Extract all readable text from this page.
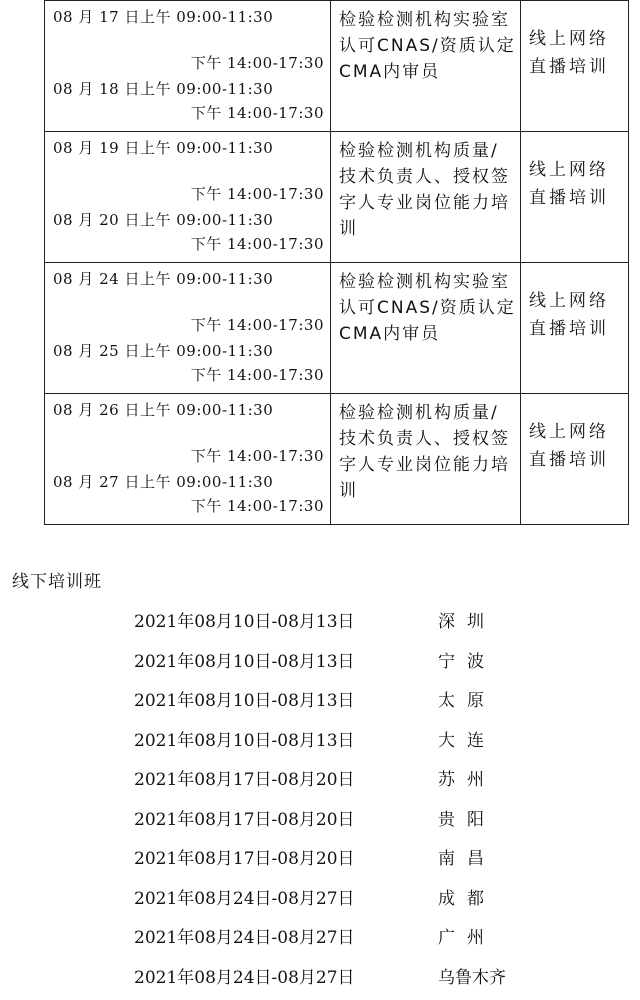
08 月 17 日上午 09:00-11:30
下午 14:00-17:30
08 月 18 日上午 09:00-11:30
下午 14:00-17:30	检验检测机构实验室认可CNAS/资质认定CMA内审员	线上网络直播培训

08 月 19 日上午 09:00-11:30
下午 14:00-17:30
08 月 20 日上午 09:00-11:30
下午 14:00-17:30	检验检测机构质量/技术负责人、授权签字人专业岗位能力培训	线上网络直播培训

08 月 24 日上午 09:00-11:30
下午 14:00-17:30
08 月 25 日上午 09:00-11:30
下午 14:00-17:30	检验检测机构实验室认可CNAS/资质认定CMA内审员	线上网络直播培训

08 月 26 日上午 09:00-11:30
下午 14:00-17:30
08 月 27 日上午 09:00-11:30
下午 14:00-17:30	检验检测机构质量/技术负责人、授权签字人专业岗位能力培训	线上网络直播培训
线下培训班
2021年08月10日-08月13日	深圳
2021年08月10日-08月13日	宁波
2021年08月10日-08月13日	太原
2021年08月10日-08月13日	大连
2021年08月17日-08月20日	苏州
2021年08月17日-08月20日	贵阳
2021年08月17日-08月20日	南昌
2021年08月24日-08月27日	成都
2021年08月24日-08月27日	广州
2021年08月24日-08月27日	乌鲁木齐
